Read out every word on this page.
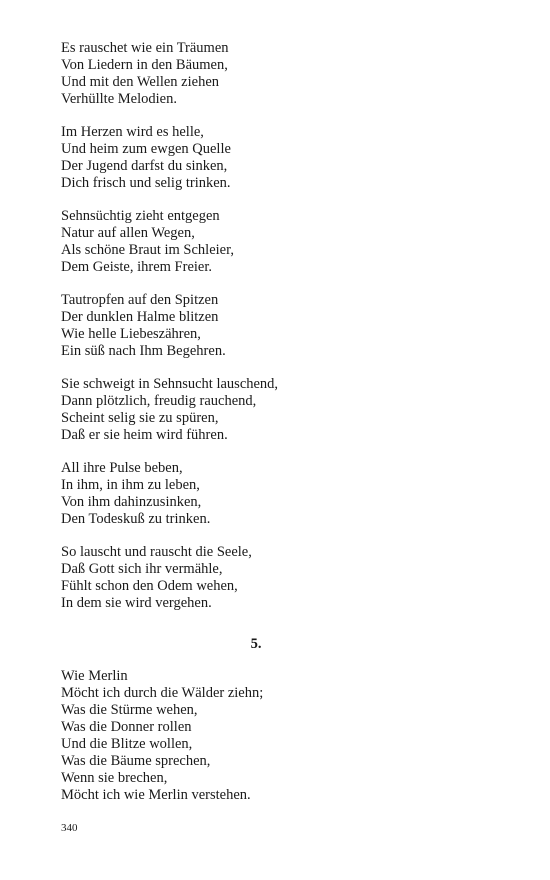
Es rauschet wie ein Träumen
Von Liedern in den Bäumen,
Und mit den Wellen ziehen
Verhüllte Melodien.
Im Herzen wird es helle,
Und heim zum ewgen Quelle
Der Jugend darfst du sinken,
Dich frisch und selig trinken.
Sehnsüchtig zieht entgegen
Natur auf allen Wegen,
Als schöne Braut im Schleier,
Dem Geiste, ihrem Freier.
Tautropfen auf den Spitzen
Der dunklen Halme blitzen
Wie helle Liebeszähren,
Ein süß nach Ihm Begehren.
Sie schweigt in Sehnsucht lauschend,
Dann plötzlich, freudig rauchend,
Scheint selig sie zu spüren,
Daß er sie heim wird führen.
All ihre Pulse beben,
In ihm, in ihm zu leben,
Von ihm dahinzusinken,
Den Todeskuß zu trinken.
So lauscht und rauscht die Seele,
Daß Gott sich ihr vermähle,
Fühlt schon den Odem wehen,
In dem sie wird vergehen.
5.
Wie Merlin
Möcht ich durch die Wälder ziehn;
Was die Stürme wehen,
Was die Donner rollen
Und die Blitze wollen,
Was die Bäume sprechen,
Wenn sie brechen,
Möcht ich wie Merlin verstehen.
340
